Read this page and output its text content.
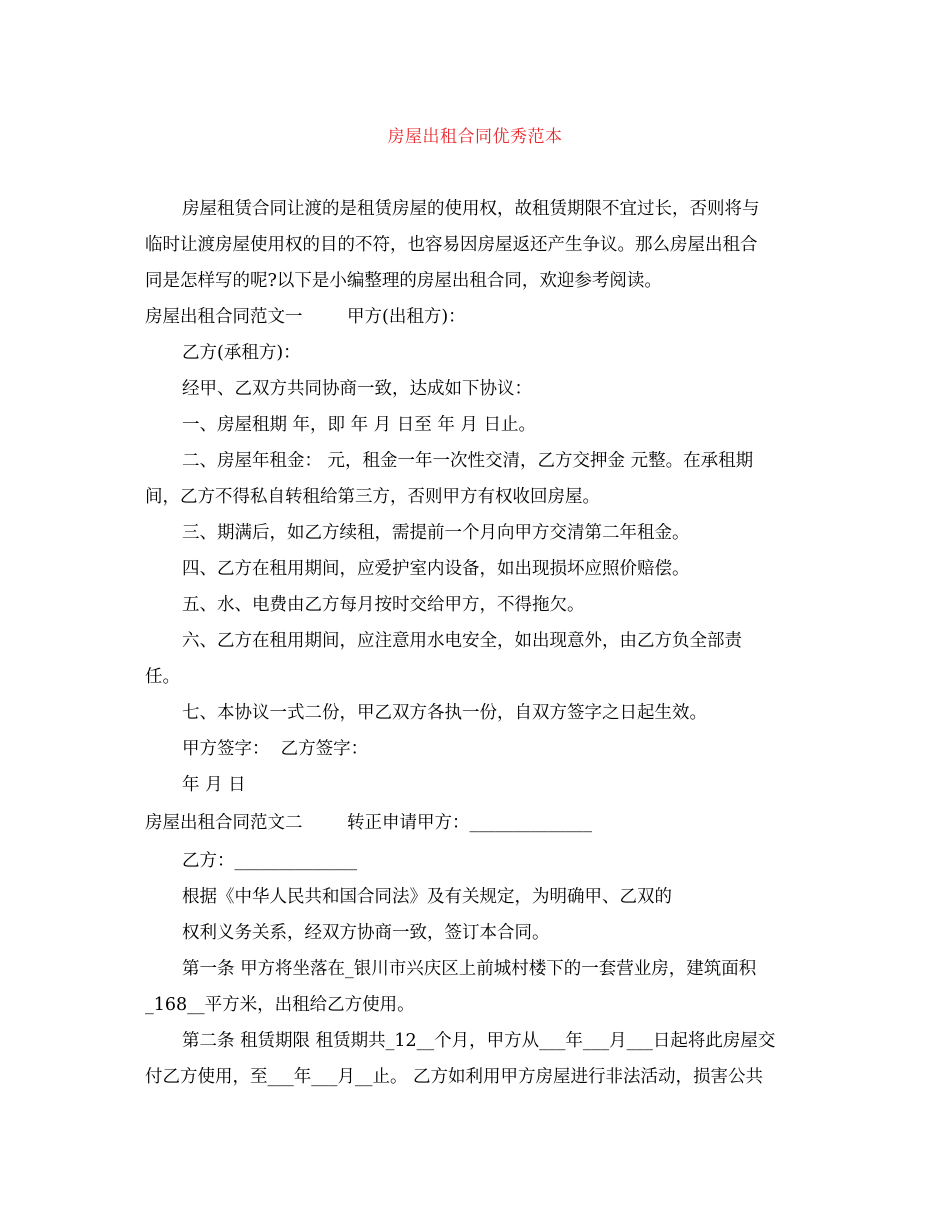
房屋出租合同优秀范本
房屋租赁合同让渡的是租赁房屋的使用权，故租赁期限不宜过长，否则将与
临时让渡房屋使用权的目的不符，也容易因房屋返还产生争议。那么房屋出租合
同是怎样写的呢?以下是小编整理的房屋出租合同，欢迎参考阅读。
房屋出租合同范文一        甲方(出租方)：
乙方(承租方)：
经甲、乙双方共同协商一致，达成如下协议：
一、房屋租期 年，即 年 月 日至 年 月 日止。
二、房屋年租金： 元，租金一年一次性交清，乙方交押金 元整。在承租期
间，乙方不得私自转租给第三方，否则甲方有权收回房屋。
三、期满后，如乙方续租，需提前一个月向甲方交清第二年租金。
四、乙方在租用期间，应爱护室内设备，如出现损坏应照价赔偿。
五、水、电费由乙方每月按时交给甲方，不得拖欠。
六、乙方在租用期间，应注意用水电安全，如出现意外，由乙方负全部责
任。
七、本协议一式二份，甲乙双方各执一份，自双方签字之日起生效。
甲方签字：  乙方签字：
年 月 日
房屋出租合同范文二        转正申请甲方：______________
乙方：______________
根据《中华人民共和国合同法》及有关规定，为明确甲、乙双的
权利义务关系，经双方协商一致，签订本合同。
第一条 甲方将坐落在_银川市兴庆区上前城村楼下的一套营业房，建筑面积
_168__平方米，出租给乙方使用。
第二条 租赁期限 租赁期共_12__个月，甲方从___年___月___日起将此房屋交
付乙方使用，至___年___月__止。 乙方如利用甲方房屋进行非法活动，损害公共
